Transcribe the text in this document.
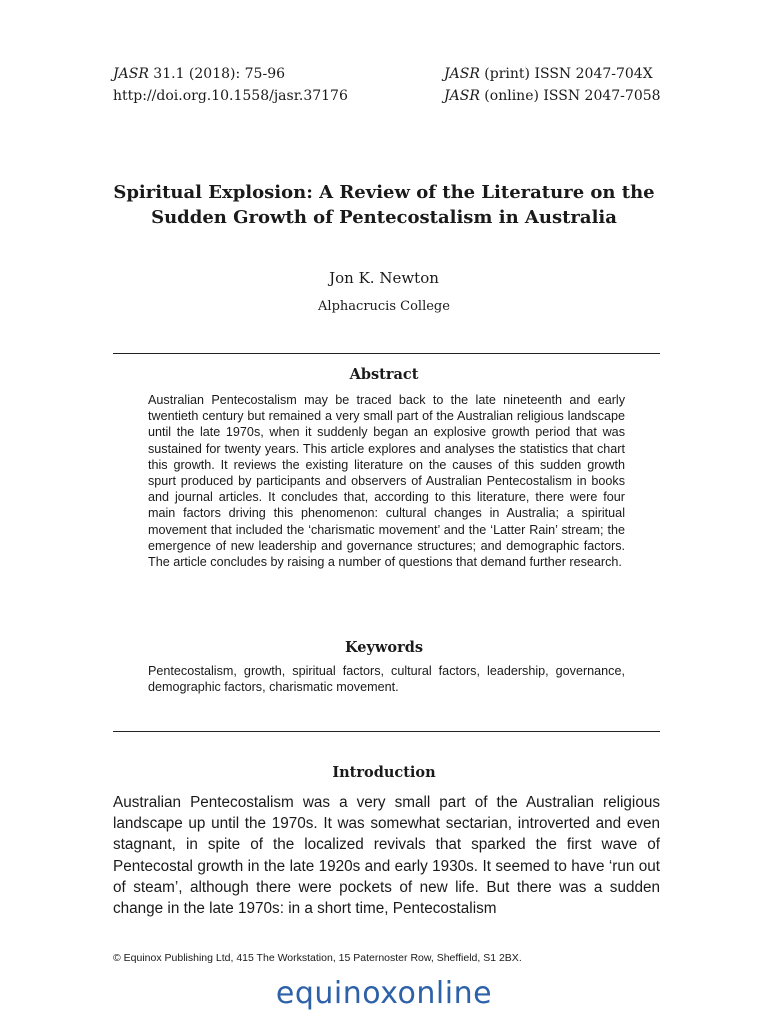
JASR 31.1 (2018): 75-96
http://doi.org.10.1558/jasr.37176
JASR (print) ISSN 2047-704X
JASR (online) ISSN 2047-7058
Spiritual Explosion: A Review of the Literature on the Sudden Growth of Pentecostalism in Australia
Jon K. Newton
Alphacrucis College
Abstract
Australian Pentecostalism may be traced back to the late nineteenth and early twentieth century but remained a very small part of the Australian religious landscape until the late 1970s, when it suddenly began an explosive growth period that was sustained for twenty years. This article explores and analyses the statistics that chart this growth. It reviews the existing literature on the causes of this sudden growth spurt produced by participants and observers of Australian Pentecostalism in books and journal articles. It concludes that, according to this literature, there were four main factors driving this phenomenon: cultural changes in Australia; a spiritual movement that included the ‘charismatic movement’ and the ‘Latter Rain’ stream; the emergence of new leadership and governance structures; and demographic factors. The article concludes by raising a number of questions that demand further research.
Keywords
Pentecostalism, growth, spiritual factors, cultural factors, leadership, governance, demographic factors, charismatic movement.
Introduction
Australian Pentecostalism was a very small part of the Australian religious landscape up until the 1970s. It was somewhat sectarian, introverted and even stagnant, in spite of the localized revivals that sparked the first wave of Pentecostal growth in the late 1920s and early 1930s. It seemed to have ‘run out of steam’, although there were pockets of new life. But there was a sudden change in the late 1970s: in a short time, Pentecostalism
© Equinox Publishing Ltd, 415 The Workstation, 15 Paternoster Row, Sheffield, S1 2BX.
equinoxonline
